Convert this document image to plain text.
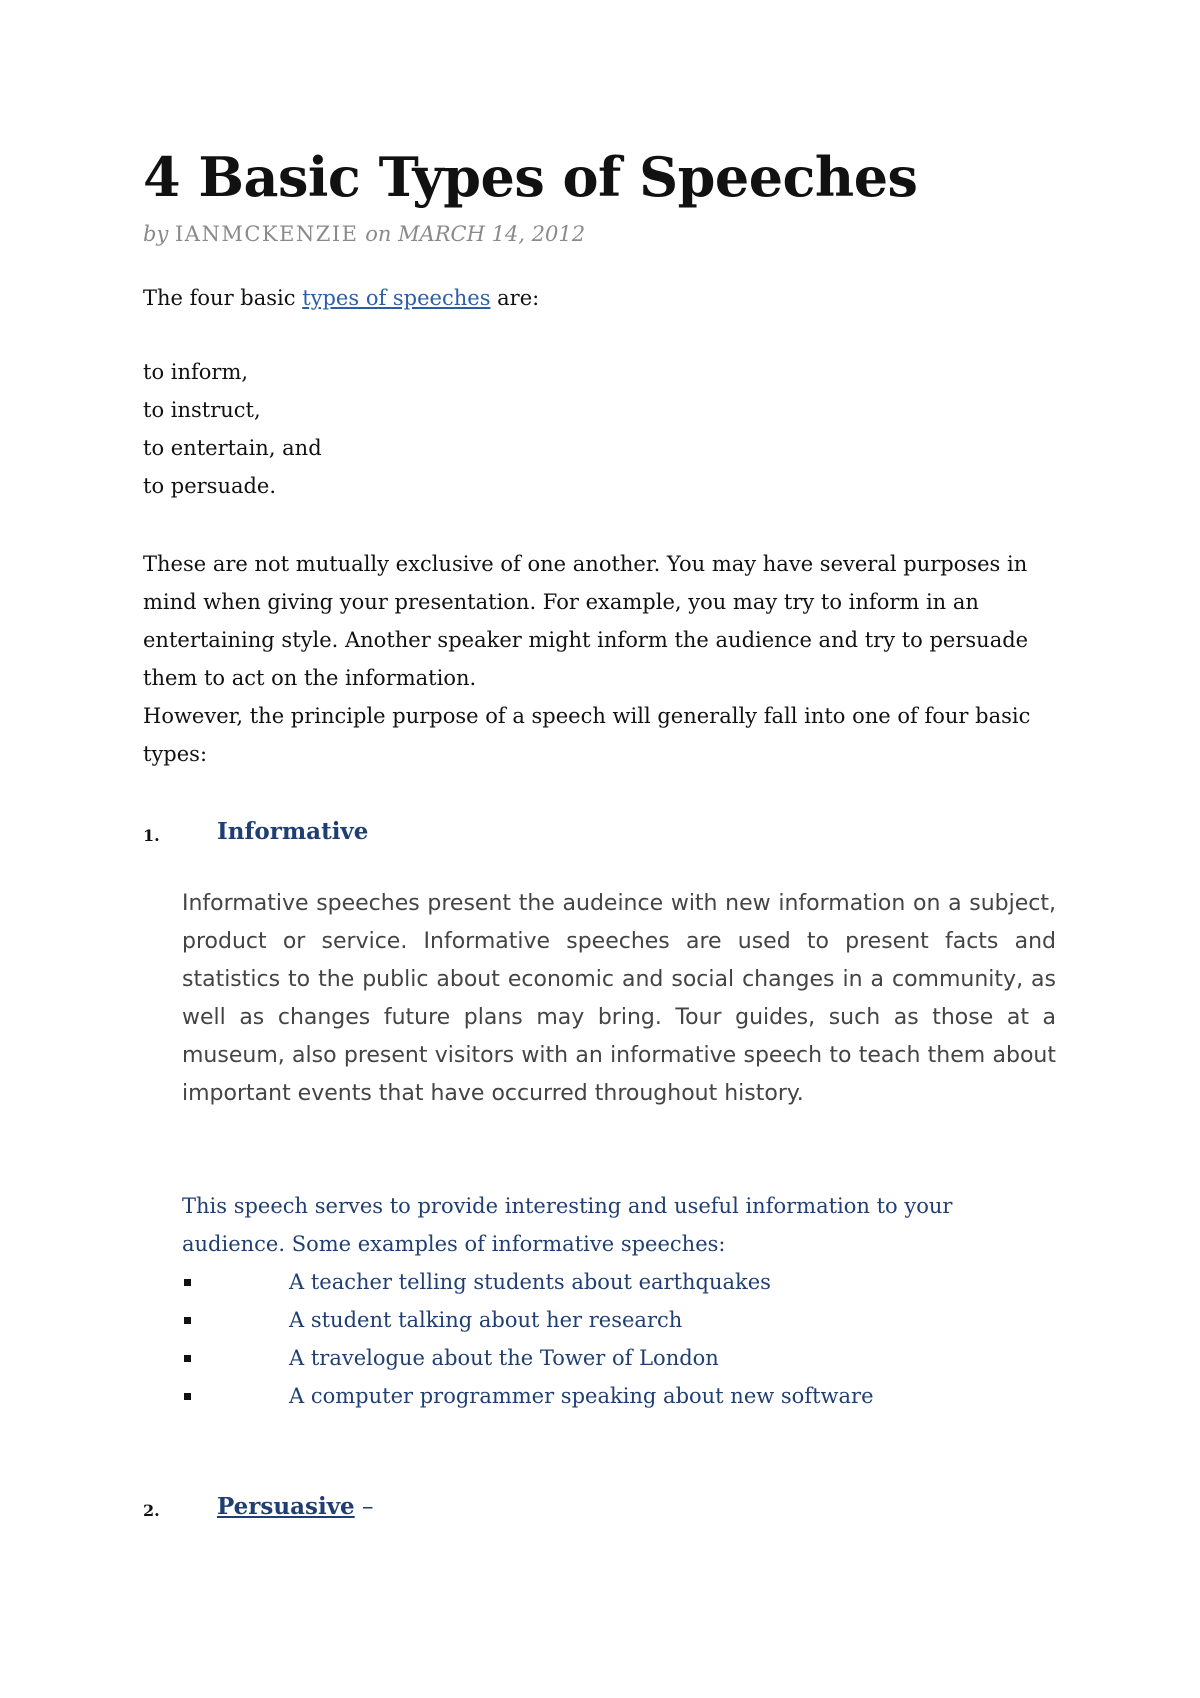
4 Basic Types of Speeches
by IANMCKENZIE on MARCH 14, 2012
The four basic types of speeches are:
to inform,
to instruct,
to entertain, and
to persuade.

These are not mutually exclusive of one another. You may have several purposes in mind when giving your presentation. For example, you may try to inform in an entertaining style. Another speaker might inform the audience and try to persuade them to act on the information.

However, the principle purpose of a speech will generally fall into one of four basic types:

1. Informative
Informative speeches present the audeince with new information on a subject, product or service. Informative speeches are used to present facts and statistics to the public about economic and social changes in a community, as well as changes future plans may bring. Tour guides, such as those at a museum, also present visitors with an informative speech to teach them about important events that have occurred throughout history.
This speech serves to provide interesting and useful information to your audience. Some examples of informative speeches:
A teacher telling students about earthquakes
A student talking about her research
A travelogue about the Tower of London
A computer programmer speaking about new software
2. Persuasive –
